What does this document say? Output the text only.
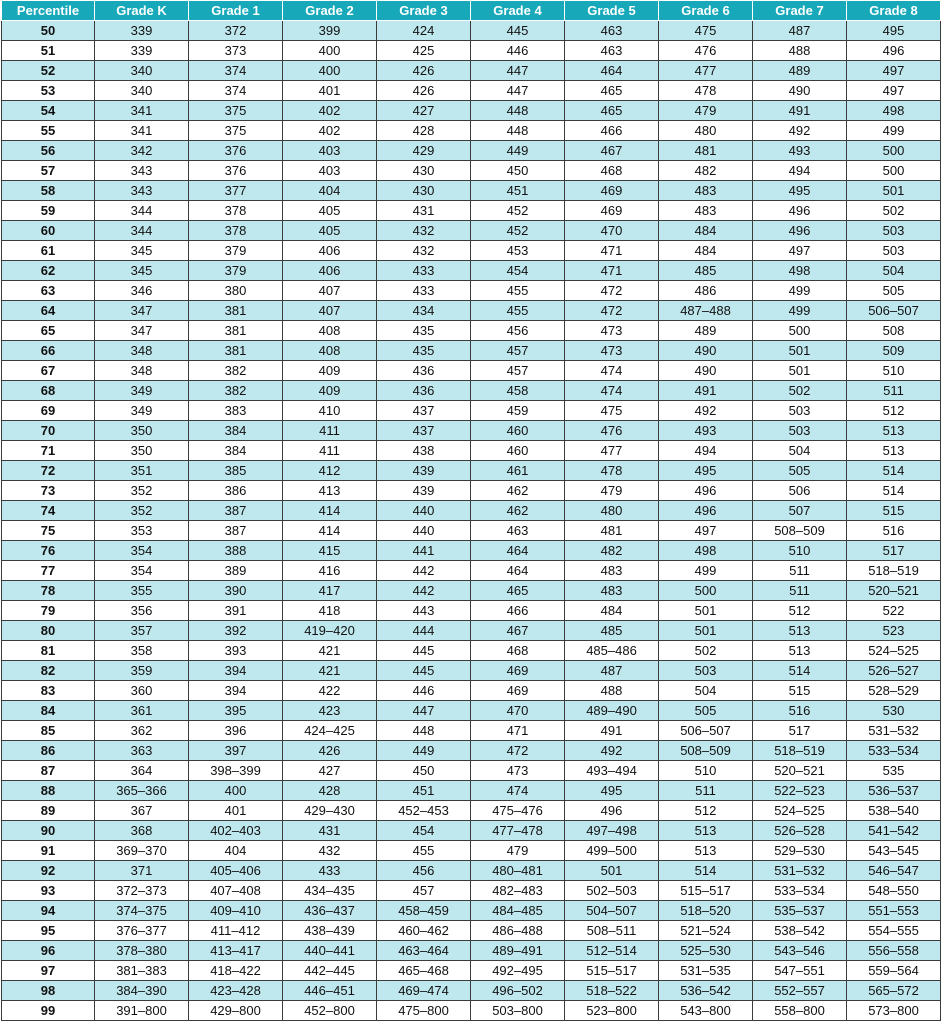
Percentile	Grade K	Grade 1	Grade 2	Grade 3	Grade 4	Grade 5	Grade 6	Grade 7	Grade 8
50	339	372	399	424	445	463	475	487	495
51	339	373	400	425	446	463	476	488	496
52	340	374	400	426	447	464	477	489	497
53	340	374	401	426	447	465	478	490	497
54	341	375	402	427	448	465	479	491	498
55	341	375	402	428	448	466	480	492	499
56	342	376	403	429	449	467	481	493	500
57	343	376	403	430	450	468	482	494	500
58	343	377	404	430	451	469	483	495	501
59	344	378	405	431	452	469	483	496	502
60	344	378	405	432	452	470	484	496	503
61	345	379	406	432	453	471	484	497	503
62	345	379	406	433	454	471	485	498	504
63	346	380	407	433	455	472	486	499	505
64	347	381	407	434	455	472	487–488	499	506–507
65	347	381	408	435	456	473	489	500	508
66	348	381	408	435	457	473	490	501	509
67	348	382	409	436	457	474	490	501	510
68	349	382	409	436	458	474	491	502	511
69	349	383	410	437	459	475	492	503	512
70	350	384	411	437	460	476	493	503	513
71	350	384	411	438	460	477	494	504	513
72	351	385	412	439	461	478	495	505	514
73	352	386	413	439	462	479	496	506	514
74	352	387	414	440	462	480	496	507	515
75	353	387	414	440	463	481	497	508–509	516
76	354	388	415	441	464	482	498	510	517
77	354	389	416	442	464	483	499	511	518–519
78	355	390	417	442	465	483	500	511	520–521
79	356	391	418	443	466	484	501	512	522
80	357	392	419–420	444	467	485	501	513	523
81	358	393	421	445	468	485–486	502	513	524–525
82	359	394	421	445	469	487	503	514	526–527
83	360	394	422	446	469	488	504	515	528–529
84	361	395	423	447	470	489–490	505	516	530
85	362	396	424–425	448	471	491	506–507	517	531–532
86	363	397	426	449	472	492	508–509	518–519	533–534
87	364	398–399	427	450	473	493–494	510	520–521	535
88	365–366	400	428	451	474	495	511	522–523	536–537
89	367	401	429–430	452–453	475–476	496	512	524–525	538–540
90	368	402–403	431	454	477–478	497–498	513	526–528	541–542
91	369–370	404	432	455	479	499–500	513	529–530	543–545
92	371	405–406	433	456	480–481	501	514	531–532	546–547
93	372–373	407–408	434–435	457	482–483	502–503	515–517	533–534	548–550
94	374–375	409–410	436–437	458–459	484–485	504–507	518–520	535–537	551–553
95	376–377	411–412	438–439	460–462	486–488	508–511	521–524	538–542	554–555
96	378–380	413–417	440–441	463–464	489–491	512–514	525–530	543–546	556–558
97	381–383	418–422	442–445	465–468	492–495	515–517	531–535	547–551	559–564
98	384–390	423–428	446–451	469–474	496–502	518–522	536–542	552–557	565–572
99	391–800	429–800	452–800	475–800	503–800	523–800	543–800	558–800	573–800
